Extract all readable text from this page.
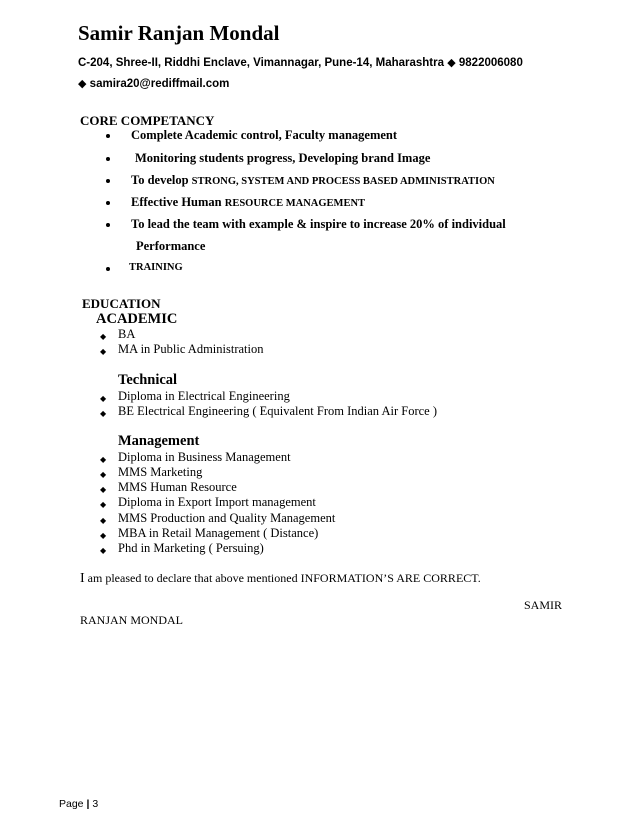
Samir Ranjan Mondal
C-204, Shree-II, Riddhi Enclave, Vimannagar, Pune-14, Maharashtra ◆ 9822006080
◆ samira20@rediffmail.com
CORE COMPETANCY
Complete Academic control, Faculty management
Monitoring students progress, Developing brand Image
To develop STRONG, SYSTEM AND PROCESS BASED ADMINISTRATION
Effective Human RESOURCE MANAGEMENT
To lead the team with example & inspire to increase 20% of individual
Performance
TRAINING
EDUCATION
ACADEMIC
◆ BA
◆ MA in Public Administration
Technical
◆ Diploma in Electrical Engineering
◆ BE Electrical Engineering ( Equivalent From Indian Air Force )
Management
◆ Diploma in Business Management
◆ MMS Marketing
◆ MMS Human Resource
◆ Diploma in Export Import management
◆ MMS Production and Quality Management
◆ MBA in Retail Management ( Distance)
◆ Phd in Marketing ( Persuing)
I am pleased to declare that above mentioned INFORMATION’S ARE CORRECT.
SAMIR
RANJAN MONDAL
Page | 3
